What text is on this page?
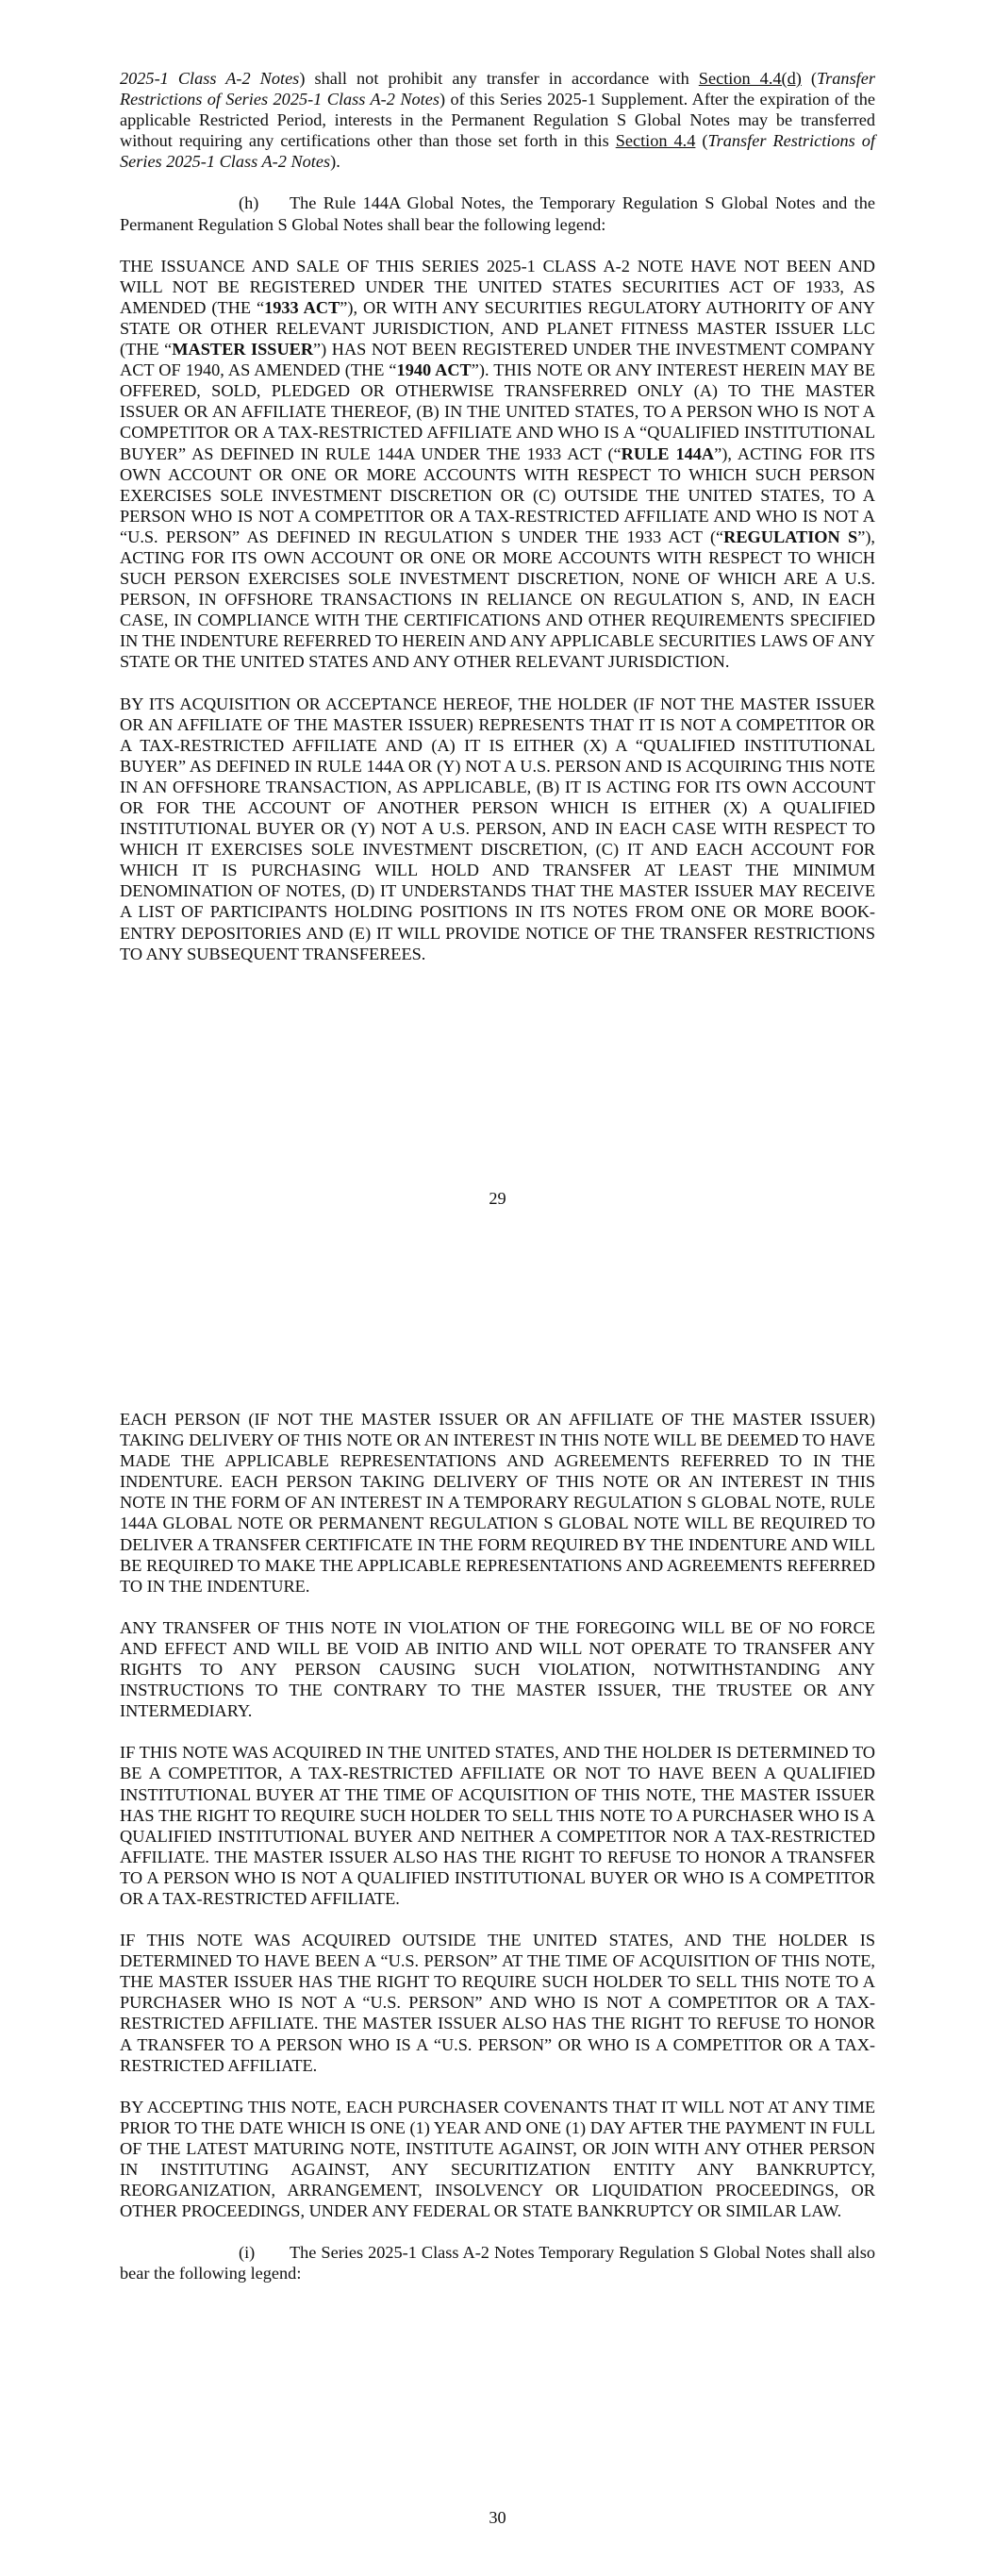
2025-1 Class A-2 Notes) shall not prohibit any transfer in accordance with Section 4.4(d) (Transfer Restrictions of Series 2025-1 Class A-2 Notes) of this Series 2025-1 Supplement. After the expiration of the applicable Restricted Period, interests in the Permanent Regulation S Global Notes may be transferred without requiring any certifications other than those set forth in this Section 4.4 (Transfer Restrictions of Series 2025-1 Class A-2 Notes).

(h) The Rule 144A Global Notes, the Temporary Regulation S Global Notes and the Permanent Regulation S Global Notes shall bear the following legend:

THE ISSUANCE AND SALE OF THIS SERIES 2025-1 CLASS A-2 NOTE HAVE NOT BEEN AND WILL NOT BE REGISTERED UNDER THE UNITED STATES SECURITIES ACT OF 1933, AS AMENDED (THE “1933 ACT”), OR WITH ANY SECURITIES REGULATORY AUTHORITY OF ANY STATE OR OTHER RELEVANT JURISDICTION, AND PLANET FITNESS MASTER ISSUER LLC (THE “MASTER ISSUER”) HAS NOT BEEN REGISTERED UNDER THE INVESTMENT COMPANY ACT OF 1940, AS AMENDED (THE “1940 ACT”). THIS NOTE OR ANY INTEREST HEREIN MAY BE OFFERED, SOLD, PLEDGED OR OTHERWISE TRANSFERRED ONLY (A) TO THE MASTER ISSUER OR AN AFFILIATE THEREOF, (B) IN THE UNITED STATES, TO A PERSON WHO IS NOT A COMPETITOR OR A TAX-RESTRICTED AFFILIATE AND WHO IS A “QUALIFIED INSTITUTIONAL BUYER” AS DEFINED IN RULE 144A UNDER THE 1933 ACT (“RULE 144A”), ACTING FOR ITS OWN ACCOUNT OR ONE OR MORE ACCOUNTS WITH RESPECT TO WHICH SUCH PERSON EXERCISES SOLE INVESTMENT DISCRETION OR (C) OUTSIDE THE UNITED STATES, TO A PERSON WHO IS NOT A COMPETITOR OR A TAX-RESTRICTED AFFILIATE AND WHO IS NOT A “U.S. PERSON” AS DEFINED IN REGULATION S UNDER THE 1933 ACT (“REGULATION S”), ACTING FOR ITS OWN ACCOUNT OR ONE OR MORE ACCOUNTS WITH RESPECT TO WHICH SUCH PERSON EXERCISES SOLE INVESTMENT DISCRETION, NONE OF WHICH ARE A U.S. PERSON, IN OFFSHORE TRANSACTIONS IN RELIANCE ON REGULATION S, AND, IN EACH CASE, IN COMPLIANCE WITH THE CERTIFICATIONS AND OTHER REQUIREMENTS SPECIFIED IN THE INDENTURE REFERRED TO HEREIN AND ANY APPLICABLE SECURITIES LAWS OF ANY STATE OR THE UNITED STATES AND ANY OTHER RELEVANT JURISDICTION.

BY ITS ACQUISITION OR ACCEPTANCE HEREOF, THE HOLDER (IF NOT THE MASTER ISSUER OR AN AFFILIATE OF THE MASTER ISSUER) REPRESENTS THAT IT IS NOT A COMPETITOR OR A TAX-RESTRICTED AFFILIATE AND (A) IT IS EITHER (X) A “QUALIFIED INSTITUTIONAL BUYER” AS DEFINED IN RULE 144A OR (Y) NOT A U.S. PERSON AND IS ACQUIRING THIS NOTE IN AN OFFSHORE TRANSACTION, AS APPLICABLE, (B) IT IS ACTING FOR ITS OWN ACCOUNT OR FOR THE ACCOUNT OF ANOTHER PERSON WHICH IS EITHER (X) A QUALIFIED INSTITUTIONAL BUYER OR (Y) NOT A U.S. PERSON, AND IN EACH CASE WITH RESPECT TO WHICH IT EXERCISES SOLE INVESTMENT DISCRETION, (C) IT AND EACH ACCOUNT FOR WHICH IT IS PURCHASING WILL HOLD AND TRANSFER AT LEAST THE MINIMUM DENOMINATION OF NOTES, (D) IT UNDERSTANDS THAT THE MASTER ISSUER MAY RECEIVE A LIST OF PARTICIPANTS HOLDING POSITIONS IN ITS NOTES FROM ONE OR MORE BOOK-ENTRY DEPOSITORIES AND (E) IT WILL PROVIDE NOTICE OF THE TRANSFER RESTRICTIONS TO ANY SUBSEQUENT TRANSFEREES.

29

EACH PERSON (IF NOT THE MASTER ISSUER OR AN AFFILIATE OF THE MASTER ISSUER) TAKING DELIVERY OF THIS NOTE OR AN INTEREST IN THIS NOTE WILL BE DEEMED TO HAVE MADE THE APPLICABLE REPRESENTATIONS AND AGREEMENTS REFERRED TO IN THE INDENTURE. EACH PERSON TAKING DELIVERY OF THIS NOTE OR AN INTEREST IN THIS NOTE IN THE FORM OF AN INTEREST IN A TEMPORARY REGULATION S GLOBAL NOTE, RULE 144A GLOBAL NOTE OR PERMANENT REGULATION S GLOBAL NOTE WILL BE REQUIRED TO DELIVER A TRANSFER CERTIFICATE IN THE FORM REQUIRED BY THE INDENTURE AND WILL BE REQUIRED TO MAKE THE APPLICABLE REPRESENTATIONS AND AGREEMENTS REFERRED TO IN THE INDENTURE.

ANY TRANSFER OF THIS NOTE IN VIOLATION OF THE FOREGOING WILL BE OF NO FORCE AND EFFECT AND WILL BE VOID AB INITIO AND WILL NOT OPERATE TO TRANSFER ANY RIGHTS TO ANY PERSON CAUSING SUCH VIOLATION, NOTWITHSTANDING ANY INSTRUCTIONS TO THE CONTRARY TO THE MASTER ISSUER, THE TRUSTEE OR ANY INTERMEDIARY.

IF THIS NOTE WAS ACQUIRED IN THE UNITED STATES, AND THE HOLDER IS DETERMINED TO BE A COMPETITOR, A TAX-RESTRICTED AFFILIATE OR NOT TO HAVE BEEN A QUALIFIED INSTITUTIONAL BUYER AT THE TIME OF ACQUISITION OF THIS NOTE, THE MASTER ISSUER HAS THE RIGHT TO REQUIRE SUCH HOLDER TO SELL THIS NOTE TO A PURCHASER WHO IS A QUALIFIED INSTITUTIONAL BUYER AND NEITHER A COMPETITOR NOR A TAX-RESTRICTED AFFILIATE. THE MASTER ISSUER ALSO HAS THE RIGHT TO REFUSE TO HONOR A TRANSFER TO A PERSON WHO IS NOT A QUALIFIED INSTITUTIONAL BUYER OR WHO IS A COMPETITOR OR A TAX-RESTRICTED AFFILIATE.

IF THIS NOTE WAS ACQUIRED OUTSIDE THE UNITED STATES, AND THE HOLDER IS DETERMINED TO HAVE BEEN A “U.S. PERSON” AT THE TIME OF ACQUISITION OF THIS NOTE, THE MASTER ISSUER HAS THE RIGHT TO REQUIRE SUCH HOLDER TO SELL THIS NOTE TO A PURCHASER WHO IS NOT A “U.S. PERSON” AND WHO IS NOT A COMPETITOR OR A TAX-RESTRICTED AFFILIATE. THE MASTER ISSUER ALSO HAS THE RIGHT TO REFUSE TO HONOR A TRANSFER TO A PERSON WHO IS A “U.S. PERSON” OR WHO IS A COMPETITOR OR A TAX-RESTRICTED AFFILIATE.

BY ACCEPTING THIS NOTE, EACH PURCHASER COVENANTS THAT IT WILL NOT AT ANY TIME PRIOR TO THE DATE WHICH IS ONE (1) YEAR AND ONE (1) DAY AFTER THE PAYMENT IN FULL OF THE LATEST MATURING NOTE, INSTITUTE AGAINST, OR JOIN WITH ANY OTHER PERSON IN INSTITUTING AGAINST, ANY SECURITIZATION ENTITY ANY BANKRUPTCY, REORGANIZATION, ARRANGEMENT, INSOLVENCY OR LIQUIDATION PROCEEDINGS, OR OTHER PROCEEDINGS, UNDER ANY FEDERAL OR STATE BANKRUPTCY OR SIMILAR LAW.

(i) The Series 2025-1 Class A-2 Notes Temporary Regulation S Global Notes shall also bear the following legend:

30
